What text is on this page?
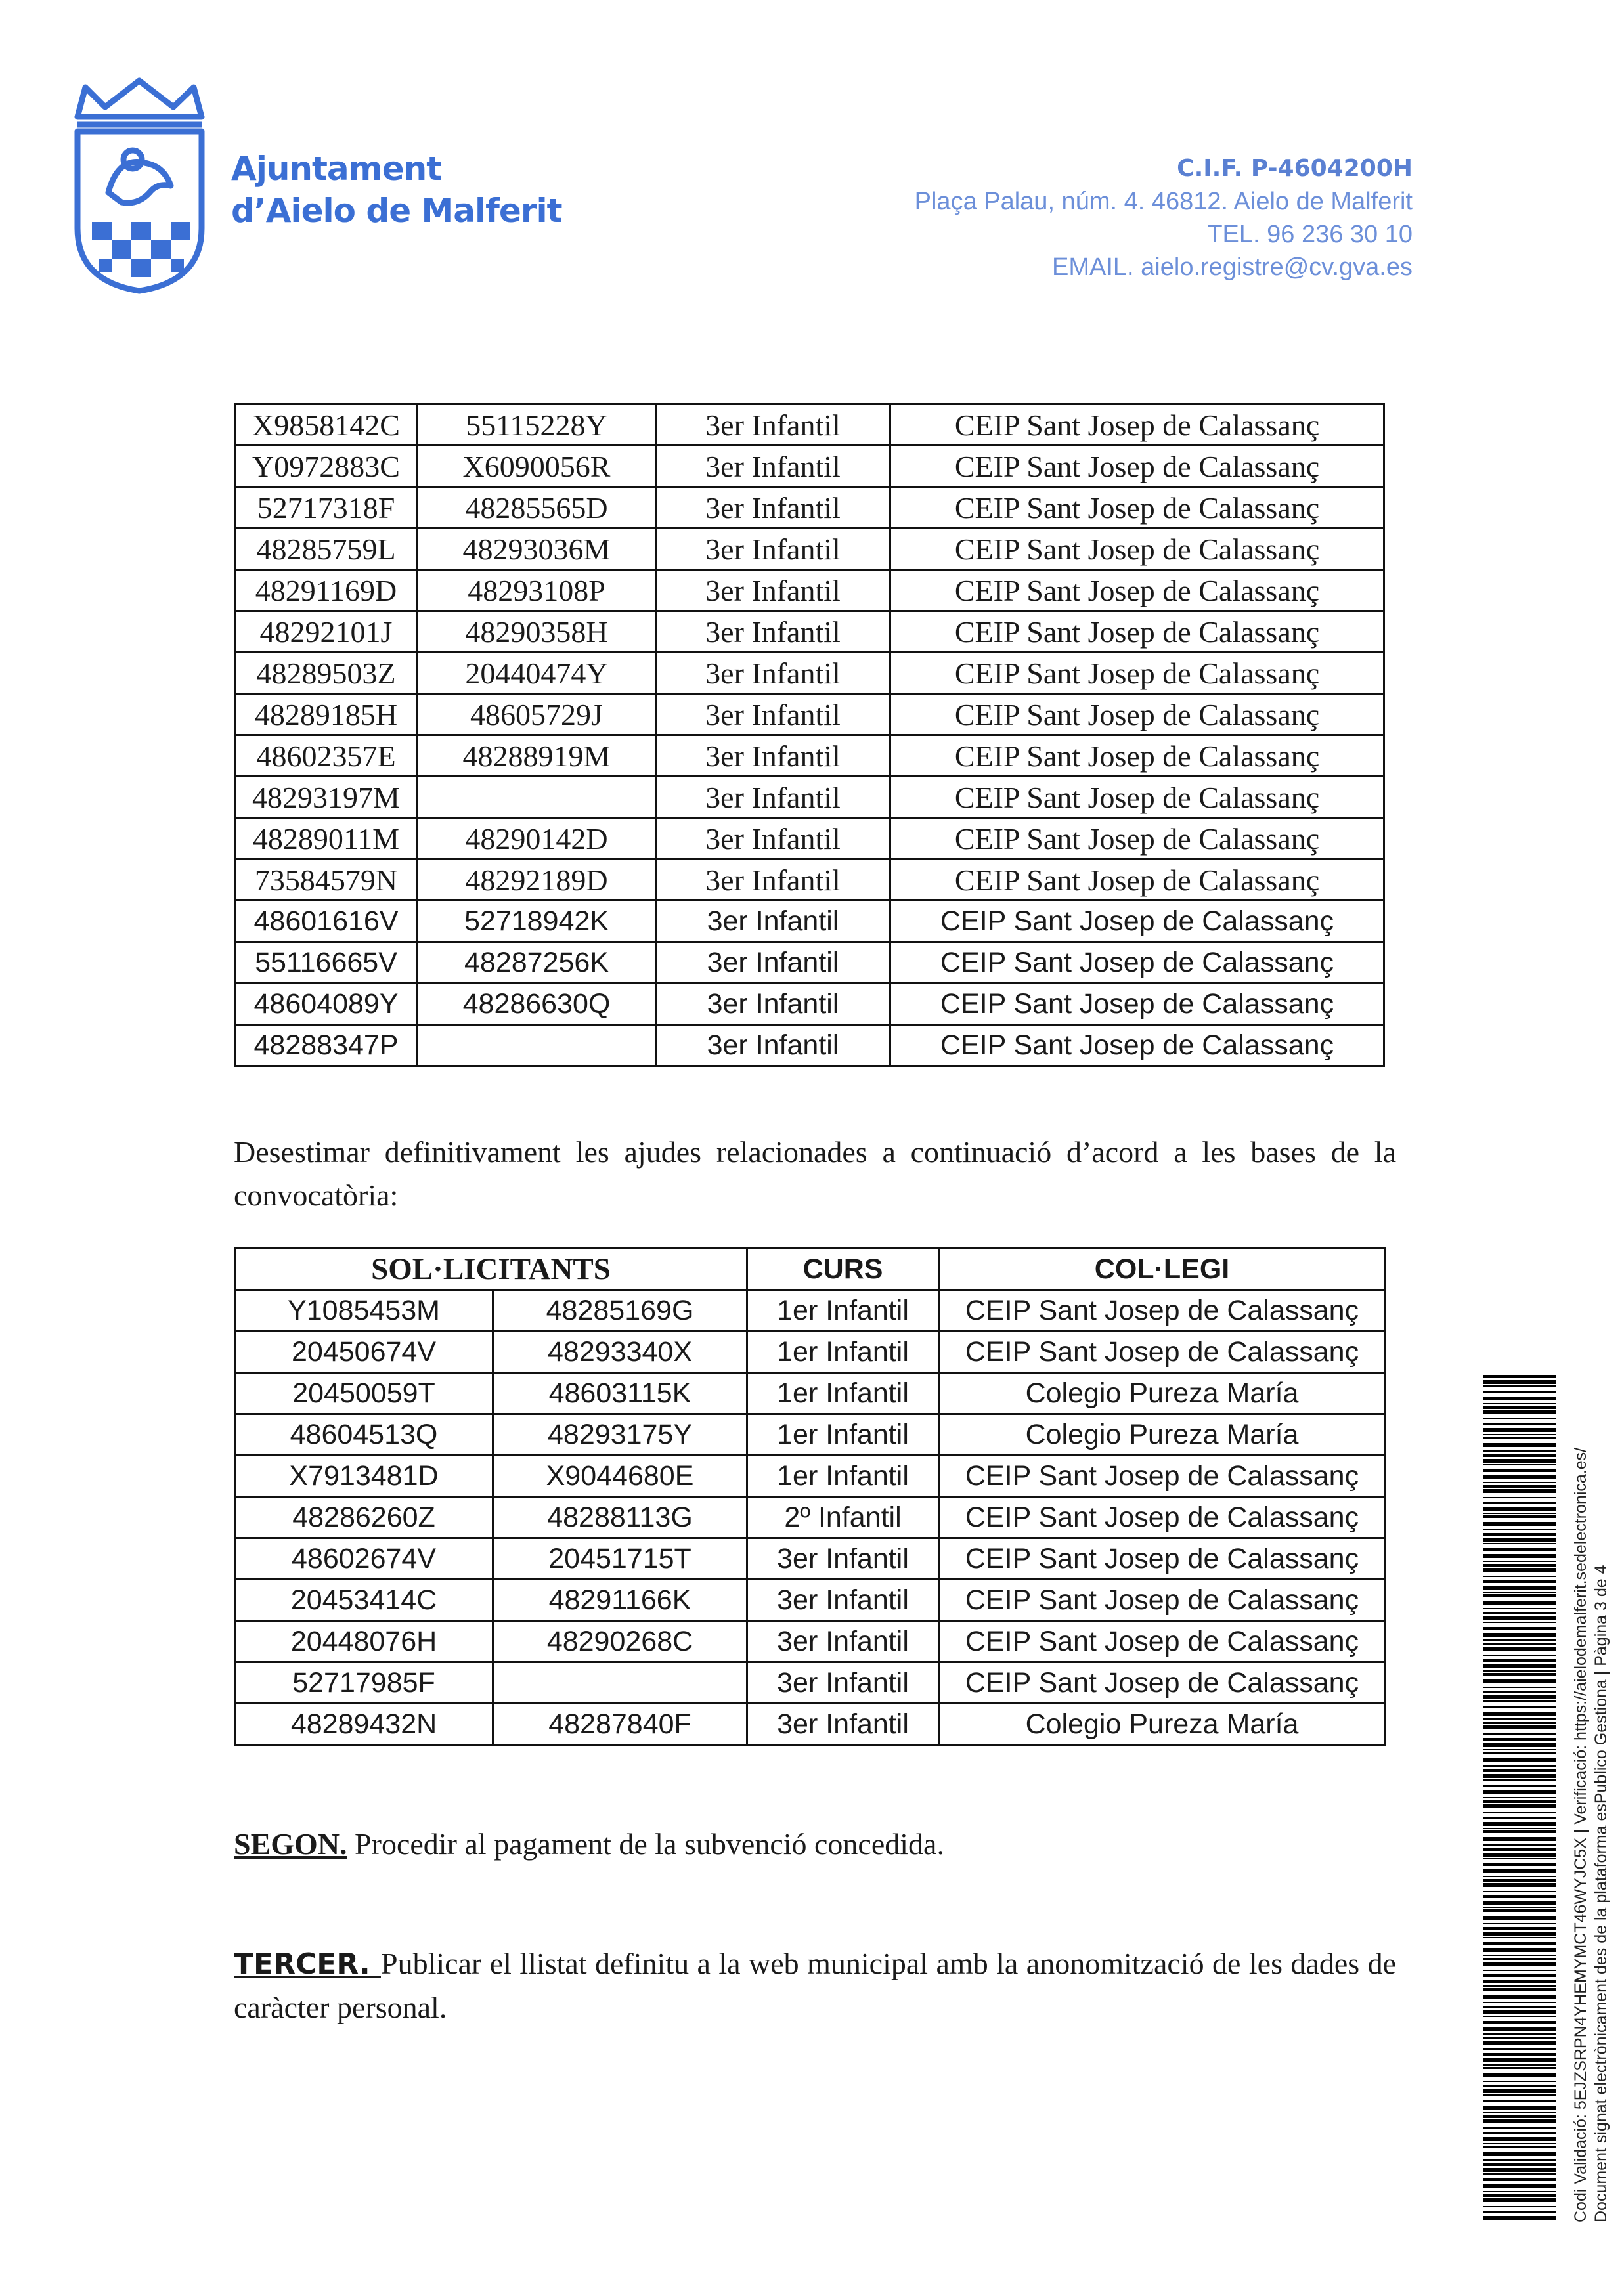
Ajuntament
d’Aielo de Malferit
C.I.F. P-4604200H
Plaça Palau, núm. 4. 46812. Aielo de Malferit
TEL. 96 236 30 10
EMAIL. aielo.registre@cv.gva.es
X9858142C	55115228Y	3er Infantil	CEIP Sant Josep de Calassanç
Y0972883C	X6090056R	3er Infantil	CEIP Sant Josep de Calassanç
52717318F	48285565D	3er Infantil	CEIP Sant Josep de Calassanç
48285759L	48293036M	3er Infantil	CEIP Sant Josep de Calassanç
48291169D	48293108P	3er Infantil	CEIP Sant Josep de Calassanç
48292101J	48290358H	3er Infantil	CEIP Sant Josep de Calassanç
48289503Z	20440474Y	3er Infantil	CEIP Sant Josep de Calassanç
48289185H	48605729J	3er Infantil	CEIP Sant Josep de Calassanç
48602357E	48288919M	3er Infantil	CEIP Sant Josep de Calassanç
48293197M		3er Infantil	CEIP Sant Josep de Calassanç
48289011M	48290142D	3er Infantil	CEIP Sant Josep de Calassanç
73584579N	48292189D	3er Infantil	CEIP Sant Josep de Calassanç
48601616V	52718942K	3er Infantil	CEIP Sant Josep de Calassanç
55116665V	48287256K	3er Infantil	CEIP Sant Josep de Calassanç
48604089Y	48286630Q	3er Infantil	CEIP Sant Josep de Calassanç
48288347P		3er Infantil	CEIP Sant Josep de Calassanç
Desestimar definitivament les ajudes relacionades a continuació d’acord a les bases de la convocatòria:
SOL·LICITANTS		CURS	COL·LEGI
Y1085453M	48285169G	1er Infantil	CEIP Sant Josep de Calassanç
20450674V	48293340X	1er Infantil	CEIP Sant Josep de Calassanç
20450059T	48603115K	1er Infantil	Colegio Pureza María
48604513Q	48293175Y	1er Infantil	Colegio Pureza María
X7913481D	X9044680E	1er Infantil	CEIP Sant Josep de Calassanç
48286260Z	48288113G	2º Infantil	CEIP Sant Josep de Calassanç
48602674V	20451715T	3er Infantil	CEIP Sant Josep de Calassanç
20453414C	48291166K	3er Infantil	CEIP Sant Josep de Calassanç
20448076H	48290268C	3er Infantil	CEIP Sant Josep de Calassanç
52717985F		3er Infantil	CEIP Sant Josep de Calassanç
48289432N	48287840F	3er Infantil	Colegio Pureza María
SEGON. Procedir al pagament de la subvenció concedida.
TERCER. Publicar el llistat definitu a la web municipal amb la anonomització de les dades de caràcter personal.	Codi Validació: 5EJZSRPN4YHEMYMCT46WYJC5X | Verificació: https://aielodemalferit.sedelectronica.es/ Document signat electrònicament des de la plataforma esPublico Gestiona | Pàgina 3 de 4
